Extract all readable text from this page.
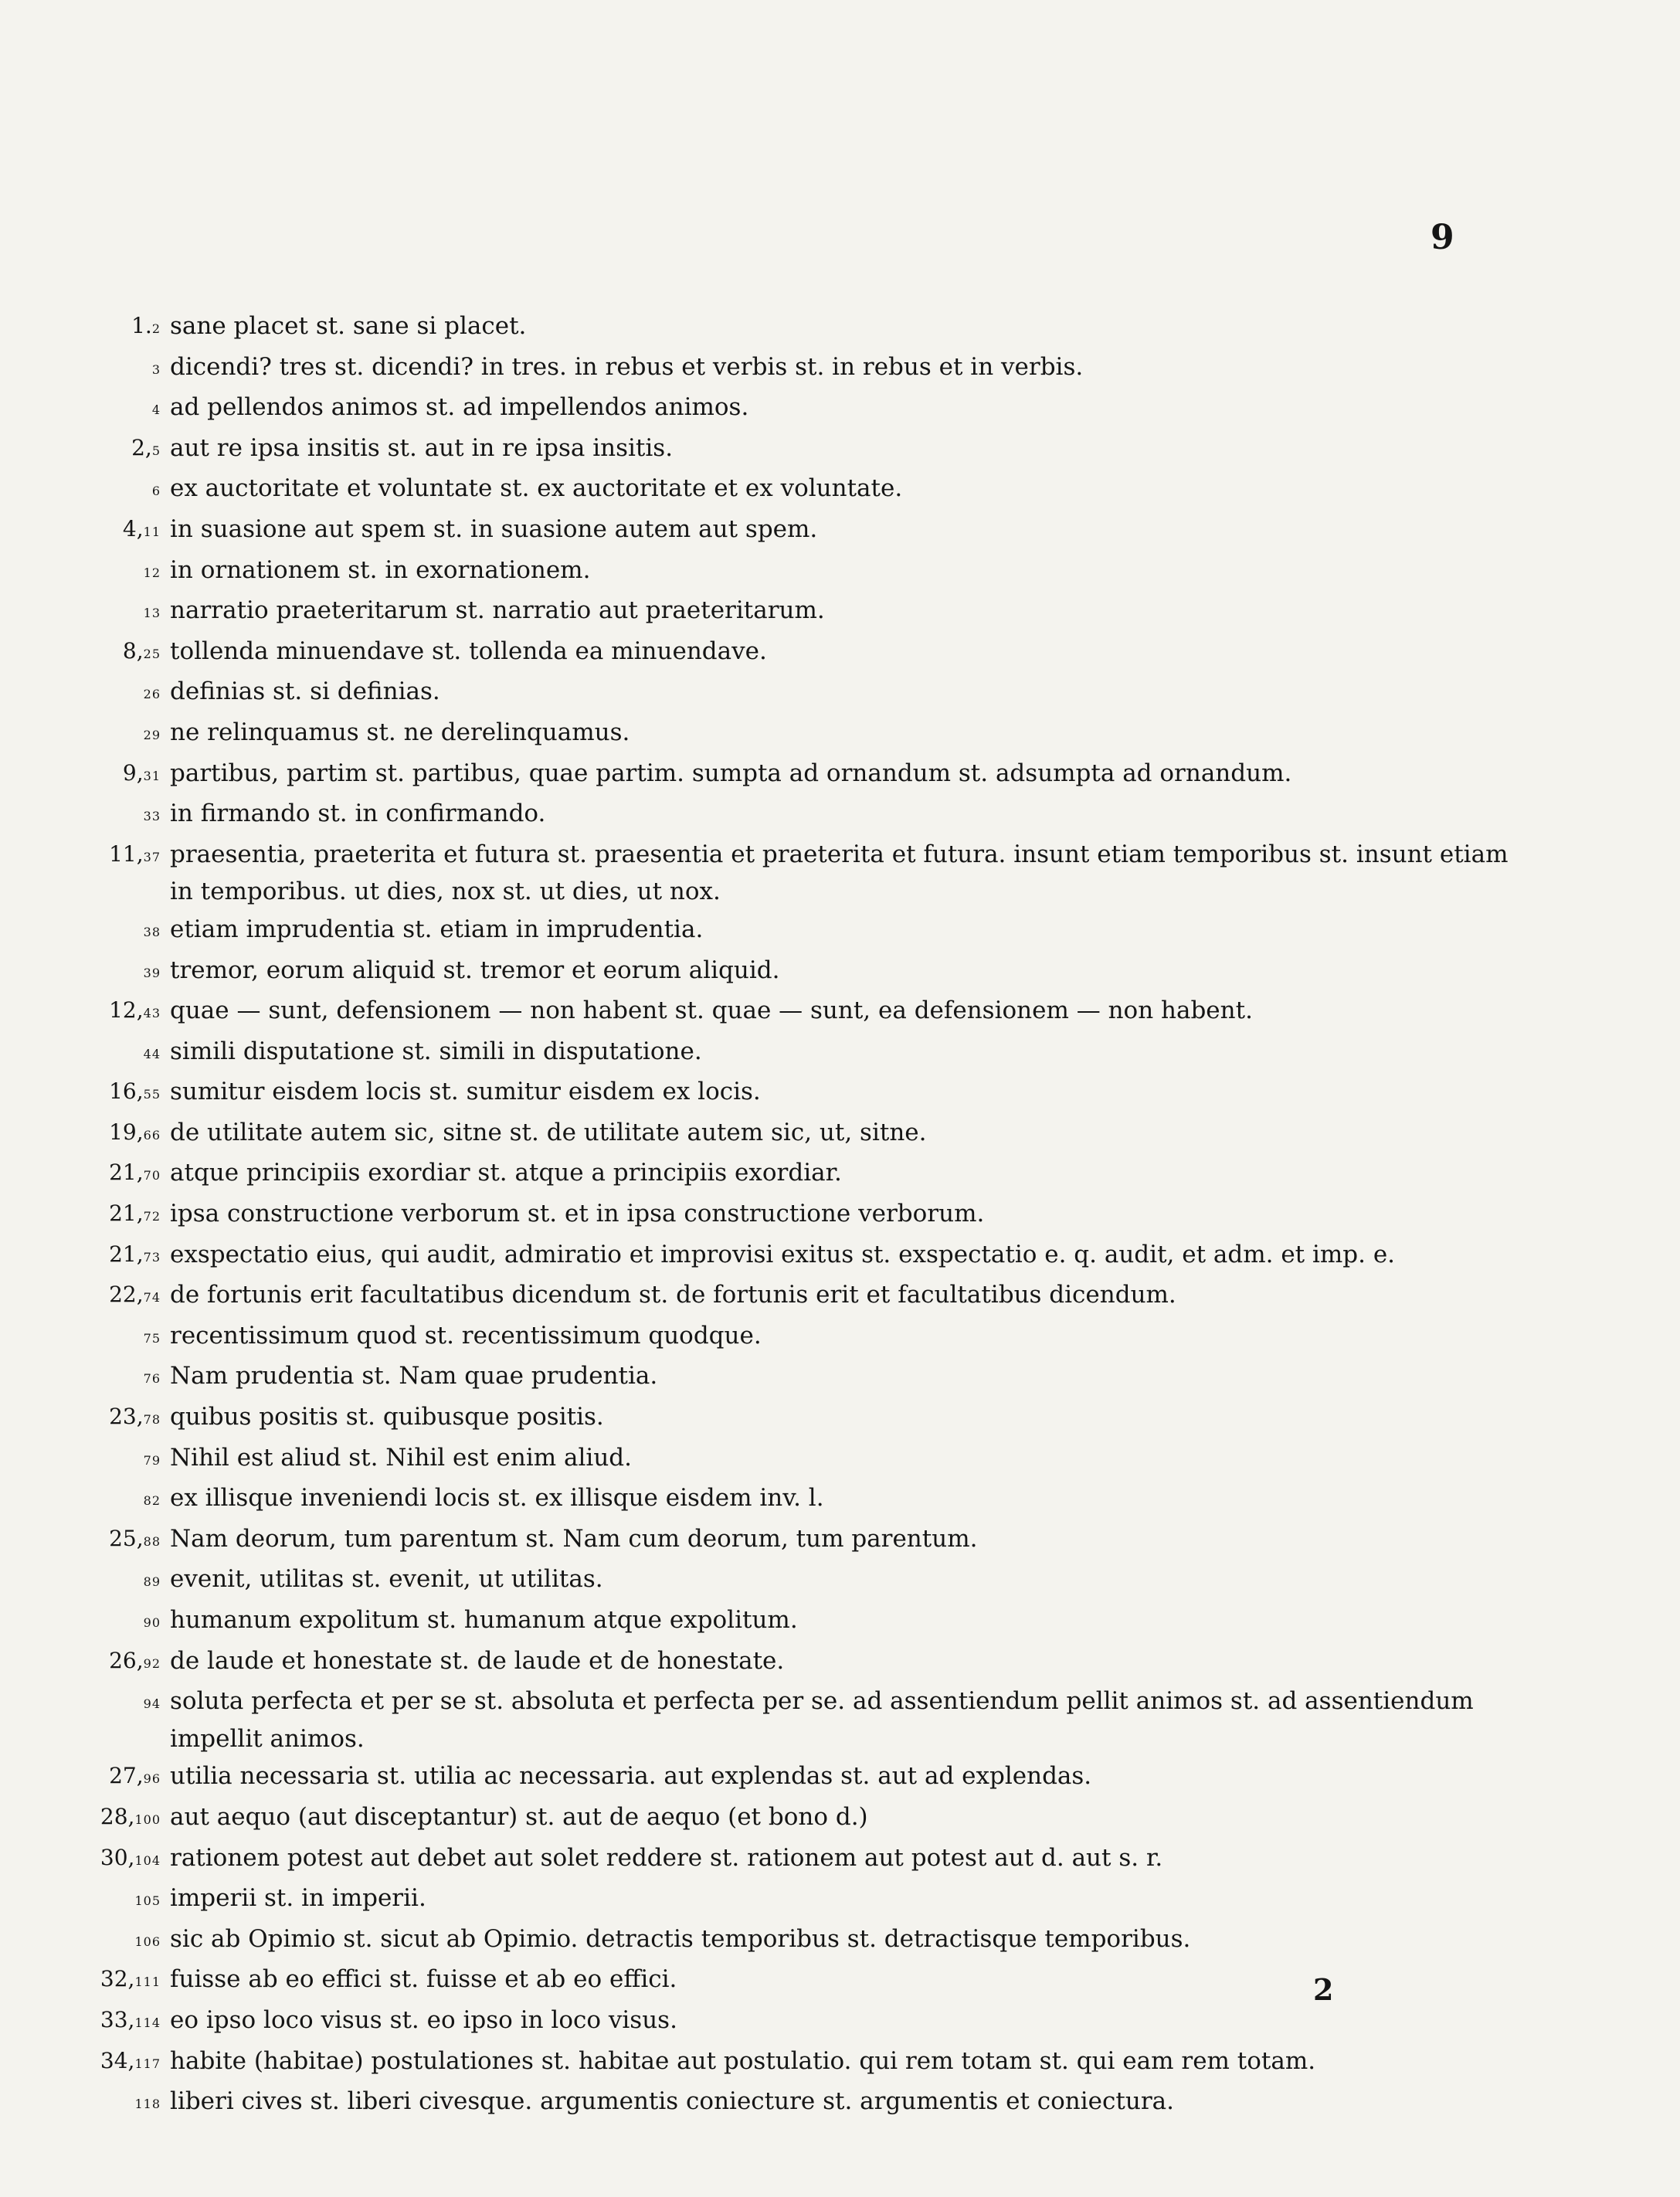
9
1.2 sane placet st. sane si placet.
3 dicendi? tres st. dicendi? in tres. in rebus et verbis st. in rebus et in verbis.
4 ad pellendos animos st. ad impellendos animos.
2,5 aut re ipsa insitis st. aut in re ipsa insitis.
6 ex auctoritate et voluntate st. ex auctoritate et ex voluntate.
4,11 in suasione aut spem st. in suasione autem aut spem.
12 in ornationem st. in exornationem.
13 narratio praeteritarum st. narratio aut praeteritarum.
8,25 tollenda minuendave st. tollenda ea minuendave.
26 definias st. si definias.
29 ne relinquamus st. ne derelinquamus.
9,31 partibus, partim st. partibus, quae partim. sumpta ad ornandum st. adsumpta ad ornandum.
33 in firmando st. in confirmando.
11,37 praesentia, praeterita et futura st. praesentia et praeterita et futura. insunt etiam temporibus st. insunt etiam in temporibus. ut dies, nox st. ut dies, ut nox.
38 etiam imprudentia st. etiam in imprudentia.
39 tremor, eorum aliquid st. tremor et eorum aliquid.
12,43 quae — sunt, defensionem — non habent st. quae — sunt, ea defensionem — non habent.
44 simili disputatione st. simili in disputatione.
16,55 sumitur eisdem locis st. sumitur eisdem ex locis.
19,66 de utilitate autem sic, sitne st. de utilitate autem sic, ut, sitne.
21,70 atque principiis exordiar st. atque a principiis exordiar.
21,72 ipsa constructione verborum st. et in ipsa constructione verborum.
21,73 exspectatio eius, qui audit, admiratio et improvisi exitus st. exspectatio e. q. audit, et adm. et imp. e.
22,74 de fortunis erit facultatibus dicendum st. de fortunis erit et facultatibus dicendum.
75 recentissimum quod st. recentissimum quodque.
76 Nam prudentia st. Nam quae prudentia.
23,78 quibus positis st. quibusque positis.
79 Nihil est aliud st. Nihil est enim aliud.
82 ex illisque inveniendi locis st. ex illisque eisdem inv. l.
25,88 Nam deorum, tum parentum st. Nam cum deorum, tum parentum.
89 evenit, utilitas st. evenit, ut utilitas.
90 humanum expolitum st. humanum atque expolitum.
26,92 de laude et honestate st. de laude et de honestate.
94 soluta perfecta et per se st. absoluta et perfecta per se. ad assentiendum pellit animos st. ad assentiendum impellit animos.
27,96 utilia necessaria st. utilia ac necessaria. aut explendas st. aut ad explendas.
28,100 aut aequo (aut disceptantur) st. aut de aequo (et bono d.)
30,104 rationem potest aut debet aut solet reddere st. rationem aut potest aut d. aut s. r.
105 imperii st. in imperii.
106 sic ab Opimio st. sicut ab Opimio. detractis temporibus st. detractisque temporibus.
32,111 fuisse ab eo effici st. fuisse et ab eo effici.
33,114 eo ipso loco visus st. eo ipso in loco visus.
34,117 habite (habitae) postulationes st. habitae aut postulatio. qui rem totam st. qui eam rem totam.
118 liberi cives st. liberi civesque. argumentis coniecture st. argumentis et coniectura.
2
